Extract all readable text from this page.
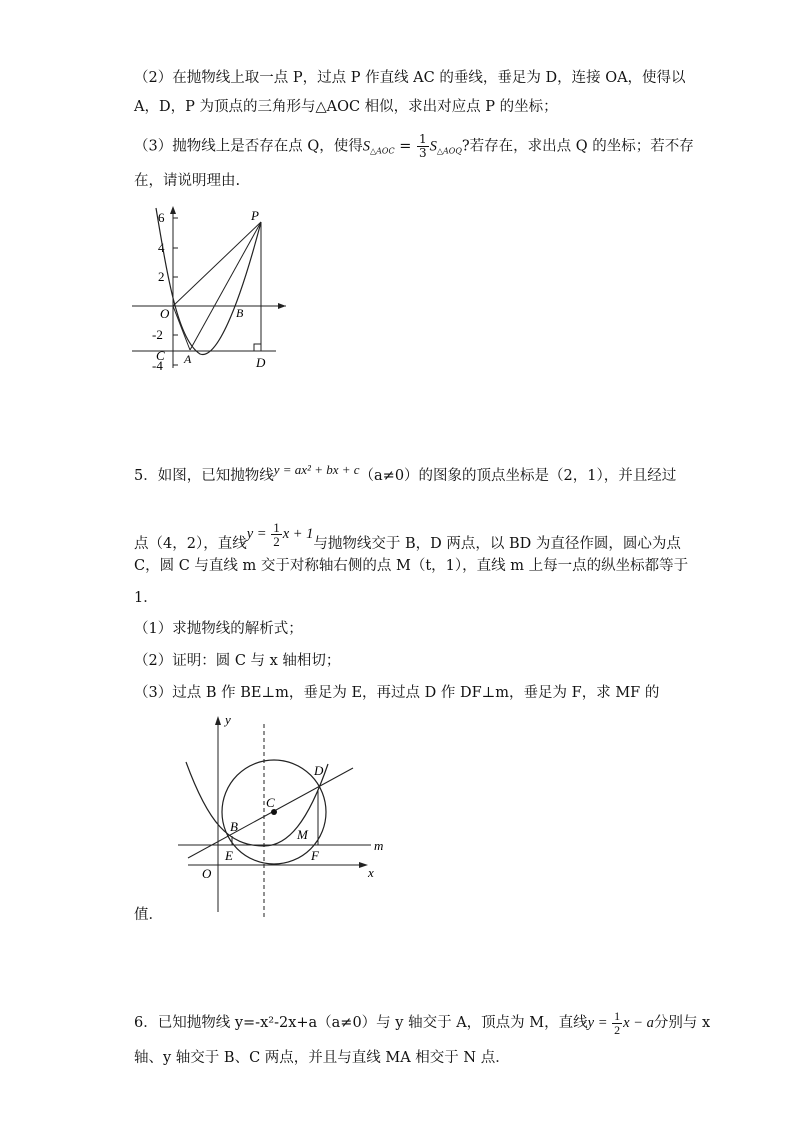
（2）在抛物线上取一点 P，过点 P 作直线 AC 的垂线，垂足为 D，连接 OA，使得以
A，D，P 为顶点的三角形与△AOC 相似，求出对应点 P 的坐标；
（3）抛物线上是否存在点 Q，使得$S_{\triangle AOC} = \frac{1}{3} S_{\triangle AOQ}$?若存在，求出点 Q 的坐标；若不存
在，请说明理由.
6
4
2
-2
-4
P
O	B
C A	D
5．如图，已知抛物线y = ax² + bx + c（a≠0）的图象的顶点坐标是（2，1），并且经过
点（4，2），直线$y = \frac{1}{2}$ x + 1与抛物线交于 B，D 两点，以 BD 为直径作圆，圆心为点
C，圆 C 与直线 m 交于对称轴右侧的点 M（t，1），直线 m 上每一点的纵坐标都等于
1．
（1）求抛物线的解析式；
（2）证明：圆 C 与 x 轴相切；
（3）过点 B 作 BE⊥m，垂足为 E，再过点 D 作 DF⊥m，垂足为 F，求 MF 的
y
x
O
C
B
D
M
E	F
m
值．
6．已知抛物线 y=-x²-2x+a（a≠0）与 y 轴交于 A，顶点为 M，直线$y = \frac{1}{2}$ x − a分别与 x
轴、y 轴交于 B、C 两点，并且与直线 MA 相交于 N 点．
